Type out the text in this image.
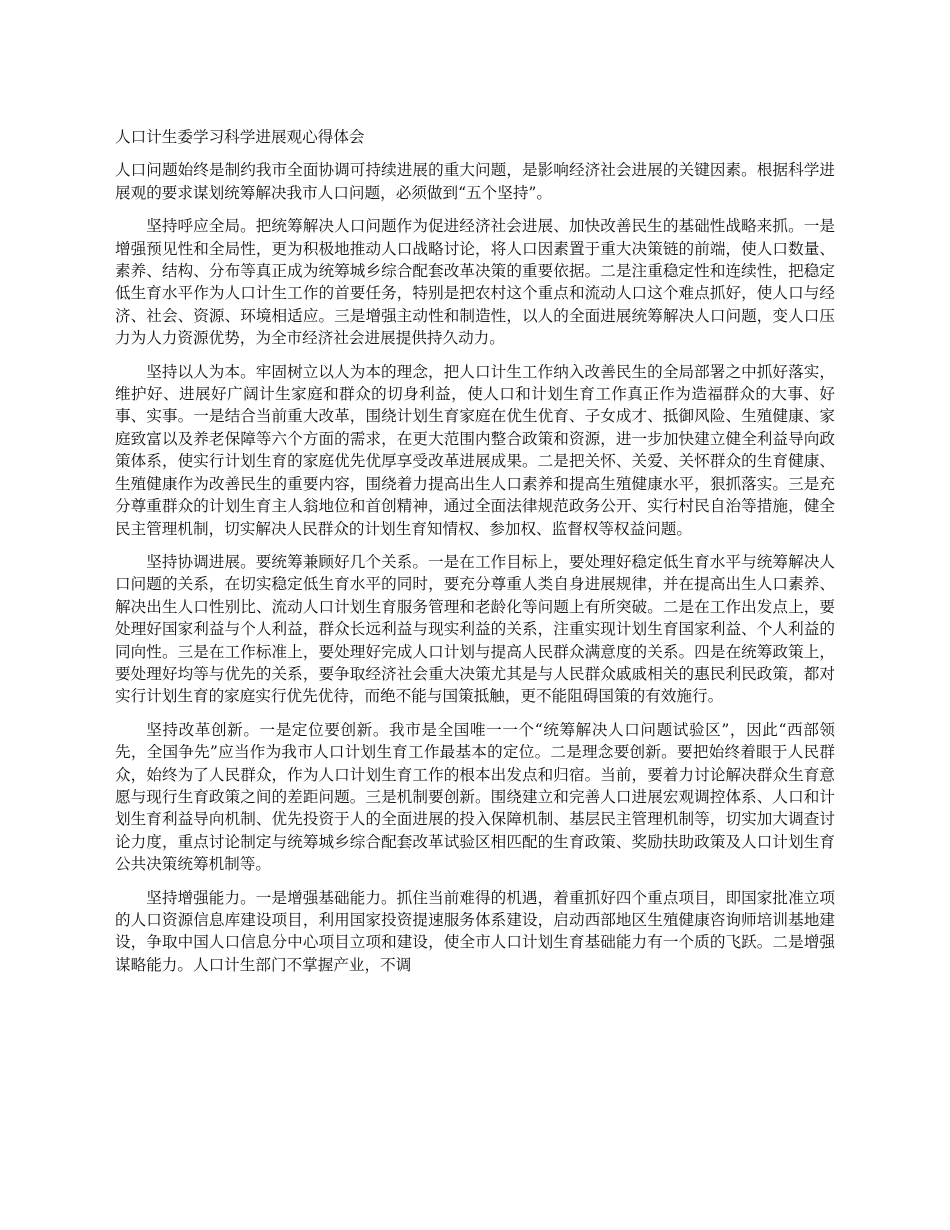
人口计生委学习科学进展观心得体会

人口问题始终是制约我市全面协调可持续进展的重大问题，是影响经济社会进展的关键因素。根据科学进展观的要求谋划统筹解决我市人口问题，必须做到“五个坚持”。

坚持呼应全局。把统筹解决人口问题作为促进经济社会进展、加快改善民生的基础性战略来抓。一是增强预见性和全局性，更为积极地推动人口战略讨论，将人口因素置于重大决策链的前端，使人口数量、素养、结构、分布等真正成为统筹城乡综合配套改革决策的重要依据。二是注重稳定性和连续性，把稳定低生育水平作为人口计生工作的首要任务，特别是把农村这个重点和流动人口这个难点抓好，使人口与经济、社会、资源、环境相适应。三是增强主动性和制造性，以人的全面进展统筹解决人口问题，变人口压力为人力资源优势，为全市经济社会进展提供持久动力。

坚持以人为本。牢固树立以人为本的理念，把人口计生工作纳入改善民生的全局部署之中抓好落实，维护好、进展好广阔计生家庭和群众的切身利益，使人口和计划生育工作真正作为造福群众的大事、好事、实事。一是结合当前重大改革，围绕计划生育家庭在优生优育、子女成才、抵御风险、生殖健康、家庭致富以及养老保障等六个方面的需求，在更大范围内整合政策和资源，进一步加快建立健全利益导向政策体系，使实行计划生育的家庭优先优厚享受改革进展成果。二是把关怀、关爱、关怀群众的生育健康、生殖健康作为改善民生的重要内容，围绕着力提高出生人口素养和提高生殖健康水平，狠抓落实。三是充分尊重群众的计划生育主人翁地位和首创精神，通过全面法律规范政务公开、实行村民自治等措施，健全民主管理机制，切实解决人民群众的计划生育知情权、参加权、监督权等权益问题。

坚持协调进展。要统筹兼顾好几个关系。一是在工作目标上，要处理好稳定低生育水平与统筹解决人口问题的关系，在切实稳定低生育水平的同时，要充分尊重人类自身进展规律，并在提高出生人口素养、解决出生人口性别比、流动人口计划生育服务管理和老龄化等问题上有所突破。二是在工作出发点上，要处理好国家利益与个人利益，群众长远利益与现实利益的关系，注重实现计划生育国家利益、个人利益的同向性。三是在工作标准上，要处理好完成人口计划与提高人民群众满意度的关系。四是在统筹政策上，要处理好均等与优先的关系，要争取经济社会重大决策尤其是与人民群众戚戚相关的惠民利民政策，都对实行计划生育的家庭实行优先优待，而绝不能与国策抵触，更不能阻碍国策的有效施行。

坚持改革创新。一是定位要创新。我市是全国唯一一个“统筹解决人口问题试验区”，因此“西部领先，全国争先”应当作为我市人口计划生育工作最基本的定位。二是理念要创新。要把始终着眼于人民群众，始终为了人民群众，作为人口计划生育工作的根本出发点和归宿。当前，要着力讨论解决群众生育意愿与现行生育政策之间的差距问题。三是机制要创新。围绕建立和完善人口进展宏观调控体系、人口和计划生育利益导向机制、优先投资于人的全面进展的投入保障机制、基层民主管理机制等，切实加大调查讨论力度，重点讨论制定与统筹城乡综合配套改革试验区相匹配的生育政策、奖励扶助政策及人口计划生育公共决策统筹机制等。

坚持增强能力。一是增强基础能力。抓住当前难得的机遇，着重抓好四个重点项目，即国家批准立项的人口资源信息库建设项目，利用国家投资提速服务体系建设，启动西部地区生殖健康咨询师培训基地建设，争取中国人口信息分中心项目立项和建设，使全市人口计划生育基础能力有一个质的飞跃。二是增强谋略能力。人口计生部门不掌握产业，不调
